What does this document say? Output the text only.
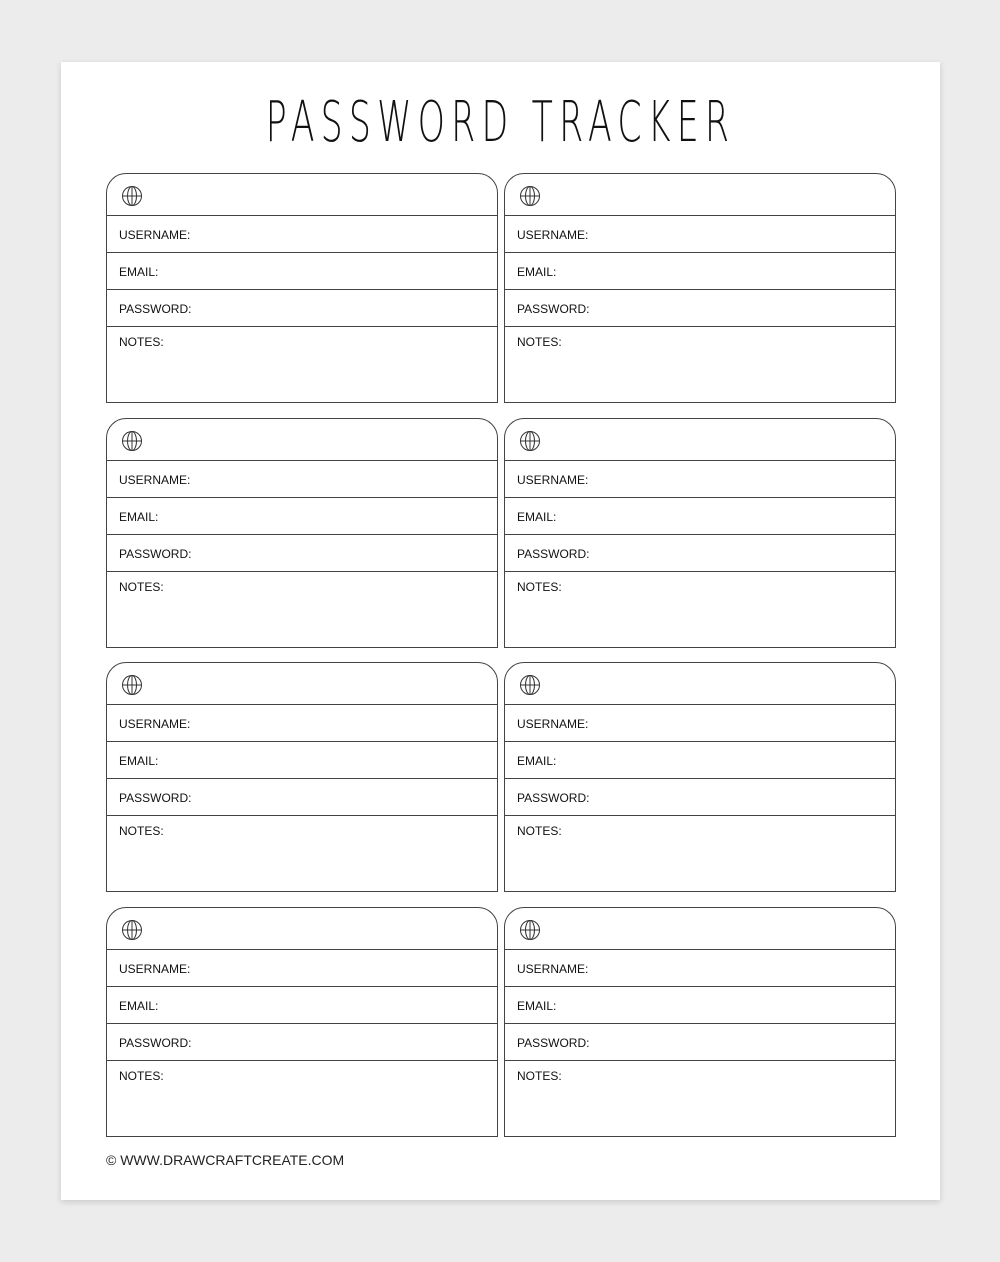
PASSWORD TRACKER
USERNAME:
EMAIL:
PASSWORD:
NOTES:
USERNAME:
EMAIL:
PASSWORD:
NOTES:
USERNAME:
EMAIL:
PASSWORD:
NOTES:
USERNAME:
EMAIL:
PASSWORD:
NOTES:
USERNAME:
EMAIL:
PASSWORD:
NOTES:
USERNAME:
EMAIL:
PASSWORD:
NOTES:
USERNAME:
EMAIL:
PASSWORD:
NOTES:
USERNAME:
EMAIL:
PASSWORD:
NOTES:
© WWW.DRAWCRAFTCREATE.COM
